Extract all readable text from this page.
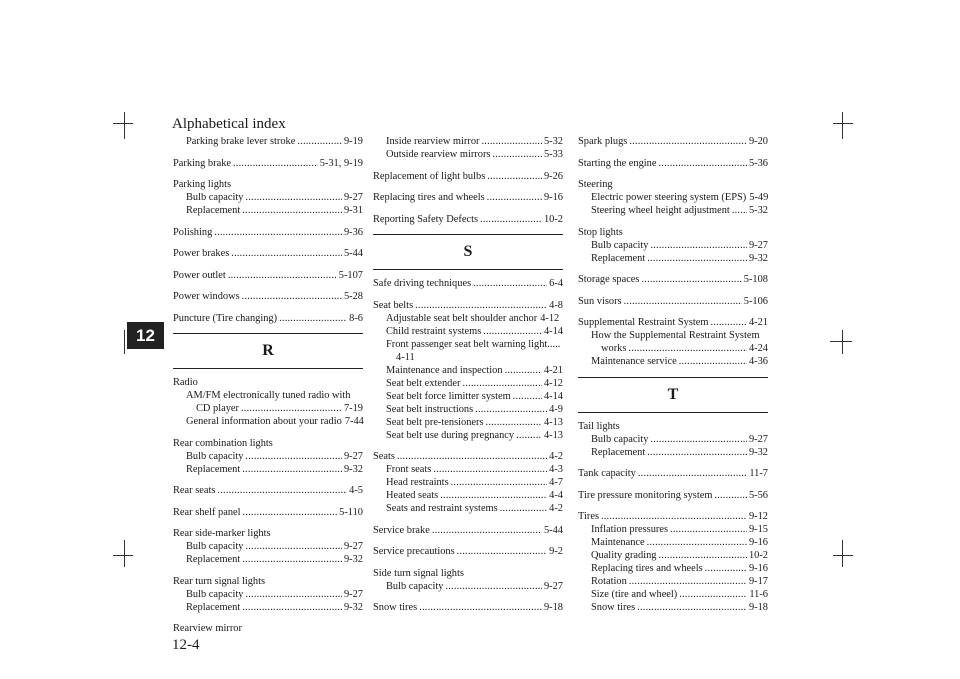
Alphabetical index
12-4
12
Parking brake lever stroke .....	9-19
Parking brake .....	5-31, 9-19
Parking lights
Bulb capacity .....	9-27
Replacement .....	9-31
Polishing .....	9-36
Power brakes .....	5-44
Power outlet .....	5-107
Power windows .....	5-28
Puncture (Tire changing) .....	8-6
R
Radio
AM/FM electronically tuned radio with
CD player .....	7-19
General information about your radio 7-44
Rear combination lights
Bulb capacity .....	9-27
Replacement .....	9-32
Rear seats .....	4-5
Rear shelf panel .....	5-110
Rear side-marker lights
Bulb capacity .....	9-27
Replacement .....	9-32
Rear turn signal lights
Bulb capacity .....	9-27
Replacement .....	9-32
Rearview mirror
Inside rearview mirror .....	5-32
Outside rearview mirrors .....	5-33
Replacement of light bulbs .....	9-26
Replacing tires and wheels .....	9-16
Reporting Safety Defects .....	10-2
S
Safe driving techniques .....	6-4
Seat belts .....	4-8
Adjustable seat belt shoulder anchor 4-12
Child restraint systems .....	4-14
Front passenger seat belt warning light.....
4-11
Maintenance and inspection .....	4-21
Seat belt extender .....	4-12
Seat belt force limitter system .....	4-14
Seat belt instructions .....	4-9
Seat belt pre-tensioners .....	4-13
Seat belt use during pregnancy .....	4-13
Seats .....	4-2
Front seats .....	4-3
Head restraints .....	4-7
Heated seats .....	4-4
Seats and restraint systems .....	4-2
Service brake .....	5-44
Service precautions .....	9-2
Side turn signal lights
Bulb capacity .....	9-27
Snow tires .....	9-18
Spark plugs .....	9-20
Starting the engine .....	5-36
Steering
Electric power steering system (EPS) 5-49
Steering wheel height adjustment ..... 5-32
Stop lights
Bulb capacity .....	9-27
Replacement .....	9-32
Storage spaces .....	5-108
Sun visors .....	5-106
Supplemental Restraint System .....	4-21
How the Supplemental Restraint System
works .....	4-24
Maintenance service .....	4-36
T
Tail lights
Bulb capacity .....	9-27
Replacement .....	9-32
Tank capacity .....	11-7
Tire pressure monitoring system .....	5-56
Tires .....	9-12
Inflation pressures .....	9-15
Maintenance .....	9-16
Quality grading .....	10-2
Replacing tires and wheels .....	9-16
Rotation .....	9-17
Size (tire and wheel) .....	11-6
Snow tires .....	9-18
